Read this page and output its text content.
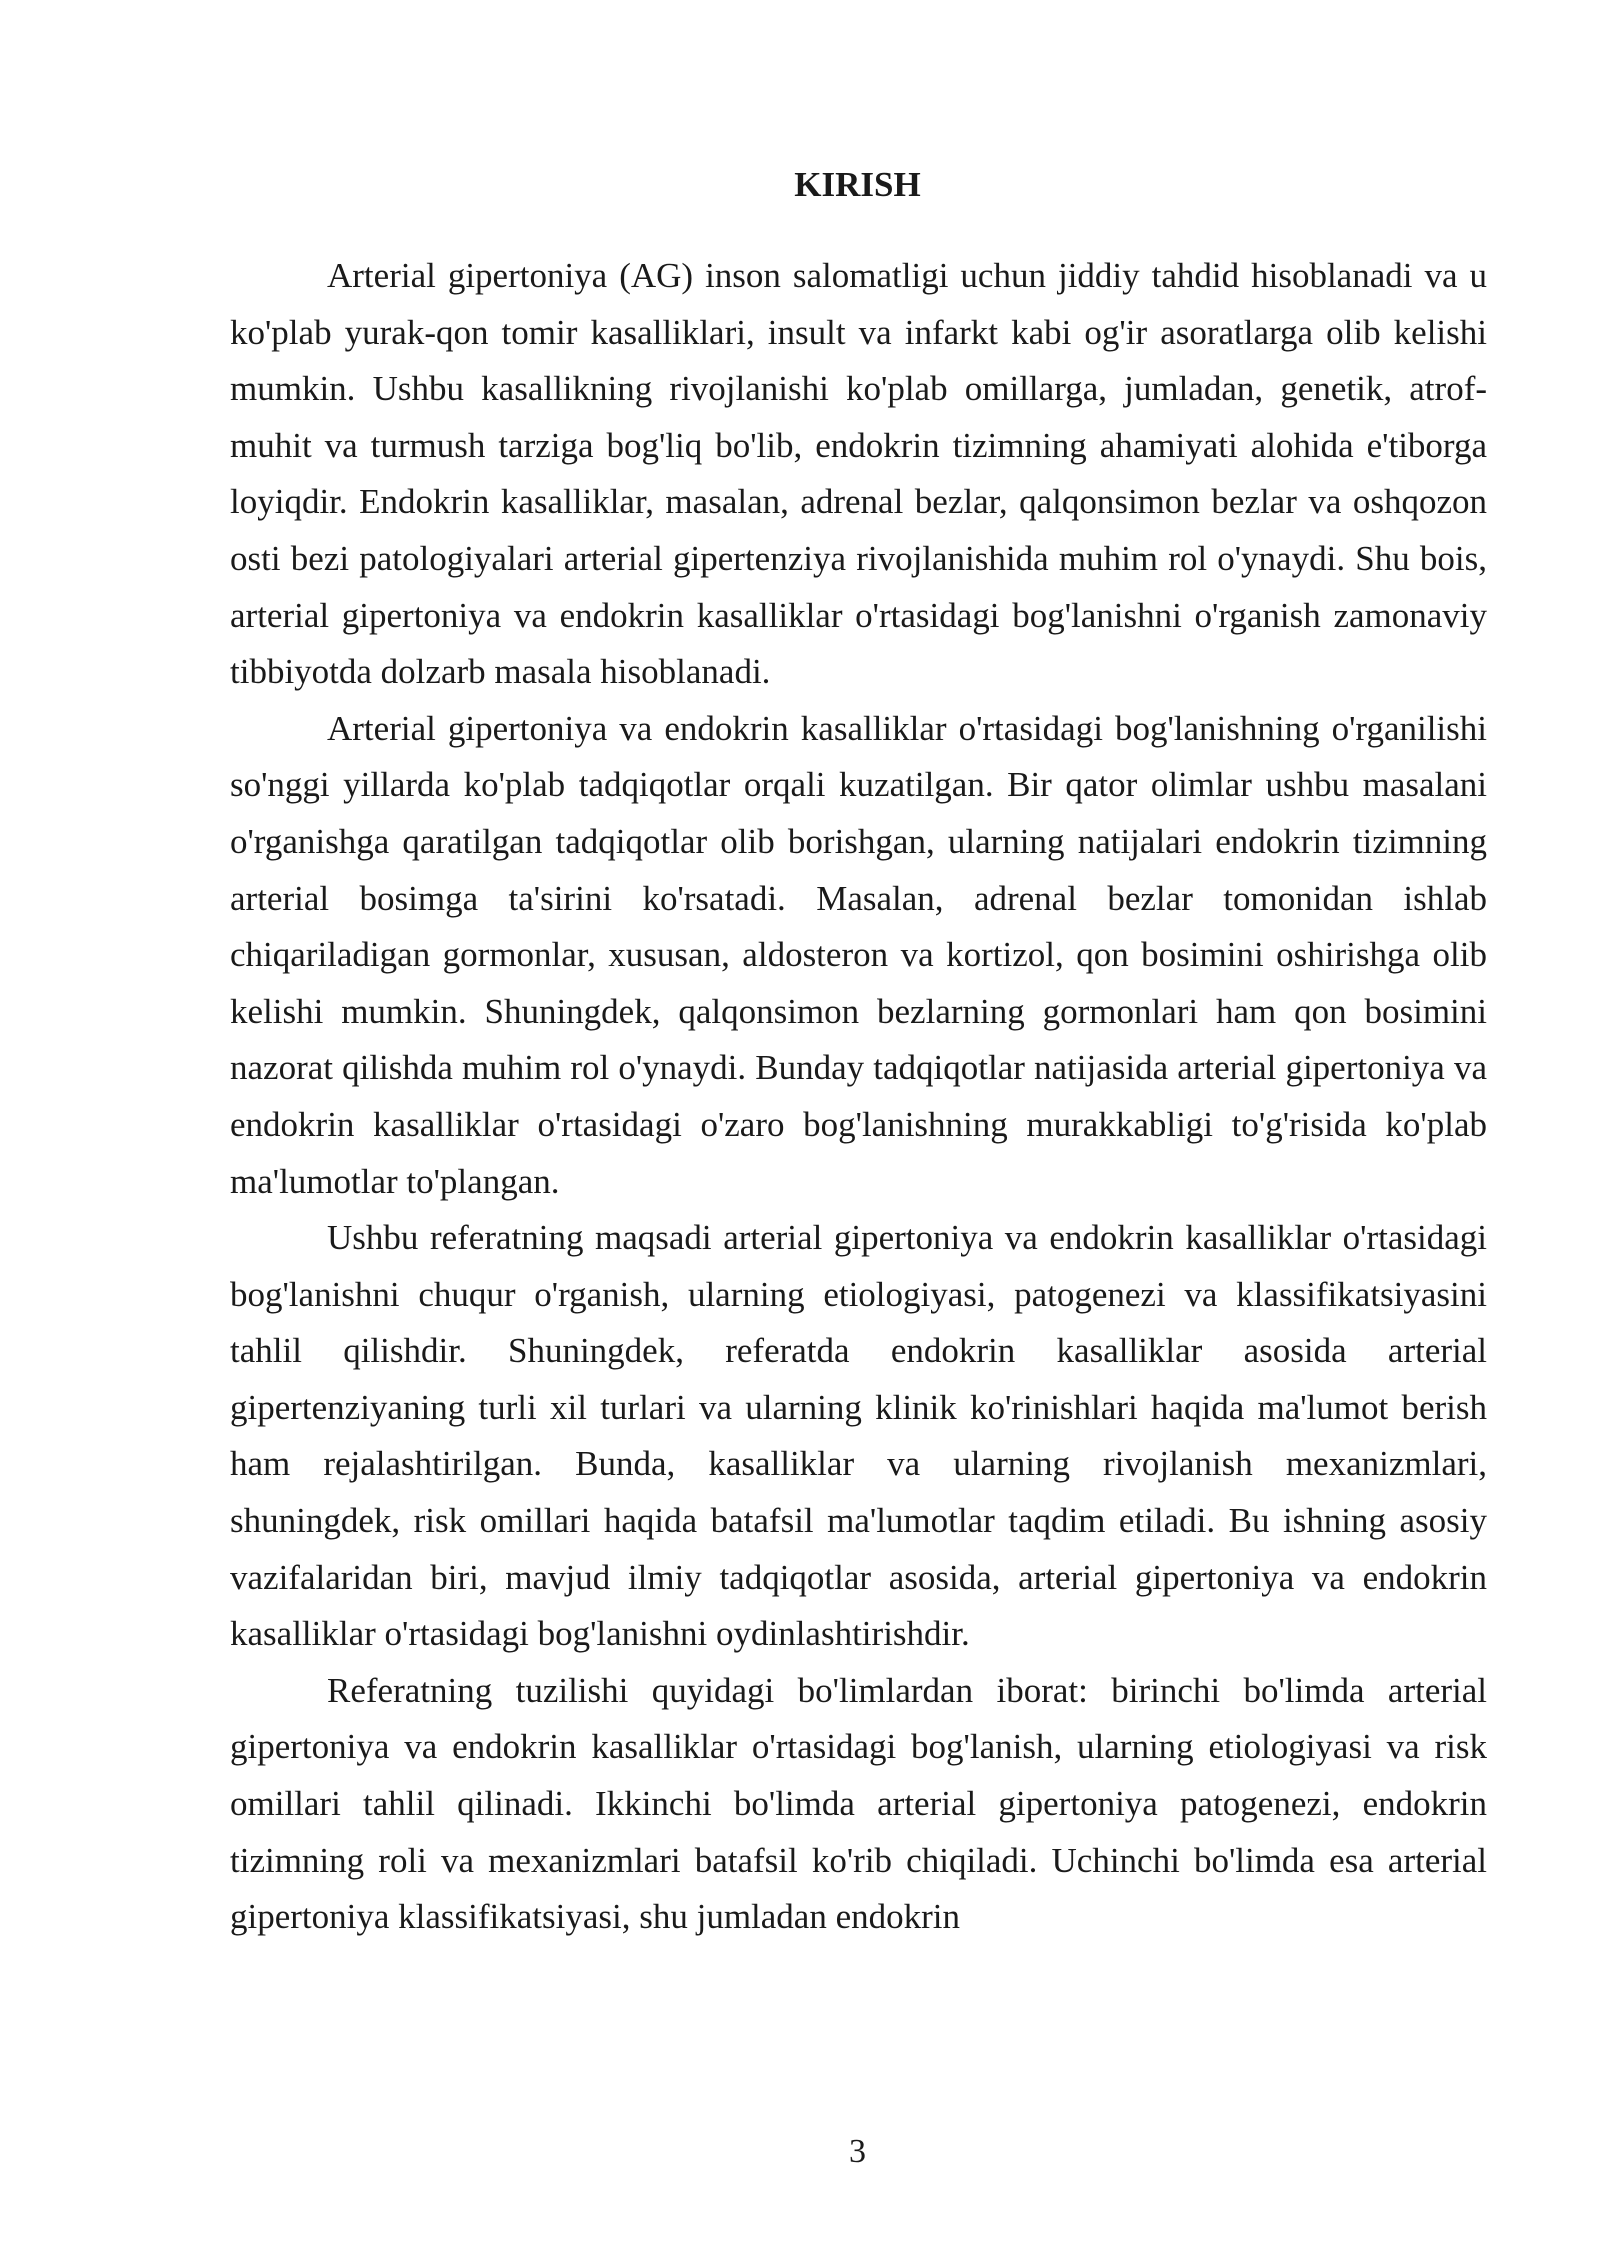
KIRISH

Arterial gipertoniya (AG) inson salomatligi uchun jiddiy tahdid hisoblanadi va u ko'plab yurak-qon tomir kasalliklari, insult va infarkt kabi og'ir asoratlarga olib kelishi mumkin. Ushbu kasallikning rivojlanishi ko'plab omillarga, jumladan, genetik, atrof-muhit va turmush tarziga bog'liq bo'lib, endokrin tizimning ahamiyati alohida e'tiborga loyiqdir. Endokrin kasalliklar, masalan, adrenal bezlar, qalqonsimon bezlar va oshqozon osti bezi patologiyalari arterial gipertenziya rivojlanishida muhim rol o'ynaydi. Shu bois, arterial gipertoniya va endokrin kasalliklar o'rtasidagi bog'lanishni o'rganish zamonaviy tibbiyotda dolzarb masala hisoblanadi.

Arterial gipertoniya va endokrin kasalliklar o'rtasidagi bog'lanishning o'rganilishi so'nggi yillarda ko'plab tadqiqotlar orqali kuzatilgan. Bir qator olimlar ushbu masalani o'rganishga qaratilgan tadqiqotlar olib borishgan, ularning natijalari endokrin tizimning arterial bosimga ta'sirini ko'rsatadi. Masalan, adrenal bezlar tomonidan ishlab chiqariladigan gormonlar, xususan, aldosteron va kortizol, qon bosimini oshirishga olib kelishi mumkin. Shuningdek, qalqonsimon bezlarning gormonlari ham qon bosimini nazorat qilishda muhim rol o'ynaydi. Bunday tadqiqotlar natijasida arterial gipertoniya va endokrin kasalliklar o'rtasidagi o'zaro bog'lanishning murakkabligi to'g'risida ko'plab ma'lumotlar to'plangan.

Ushbu referatning maqsadi arterial gipertoniya va endokrin kasalliklar o'rtasidagi bog'lanishni chuqur o'rganish, ularning etiologiyasi, patogenezi va klassifikatsiyasini tahlil qilishdir. Shuningdek, referatda endokrin kasalliklar asosida arterial gipertenziyaning turli xil turlari va ularning klinik ko'rinishlari haqida ma'lumot berish ham rejalashtirilgan. Bunda, kasalliklar va ularning rivojlanish mexanizmlari, shuningdek, risk omillari haqida batafsil ma'lumotlar taqdim etiladi. Bu ishning asosiy vazifalaridan biri, mavjud ilmiy tadqiqotlar asosida, arterial gipertoniya va endokrin kasalliklar o'rtasidagi bog'lanishni oydinlashtirishdir.

Referatning tuzilishi quyidagi bo'limlardan iborat: birinchi bo'limda arterial gipertoniya va endokrin kasalliklar o'rtasidagi bog'lanish, ularning etiologiyasi va risk omillari tahlil qilinadi. Ikkinchi bo'limda arterial gipertoniya patogenezi, endokrin tizimning roli va mexanizmlari batafsil ko'rib chiqiladi. Uchinchi bo'limda esa arterial gipertoniya klassifikatsiyasi, shu jumladan endokrin

3
